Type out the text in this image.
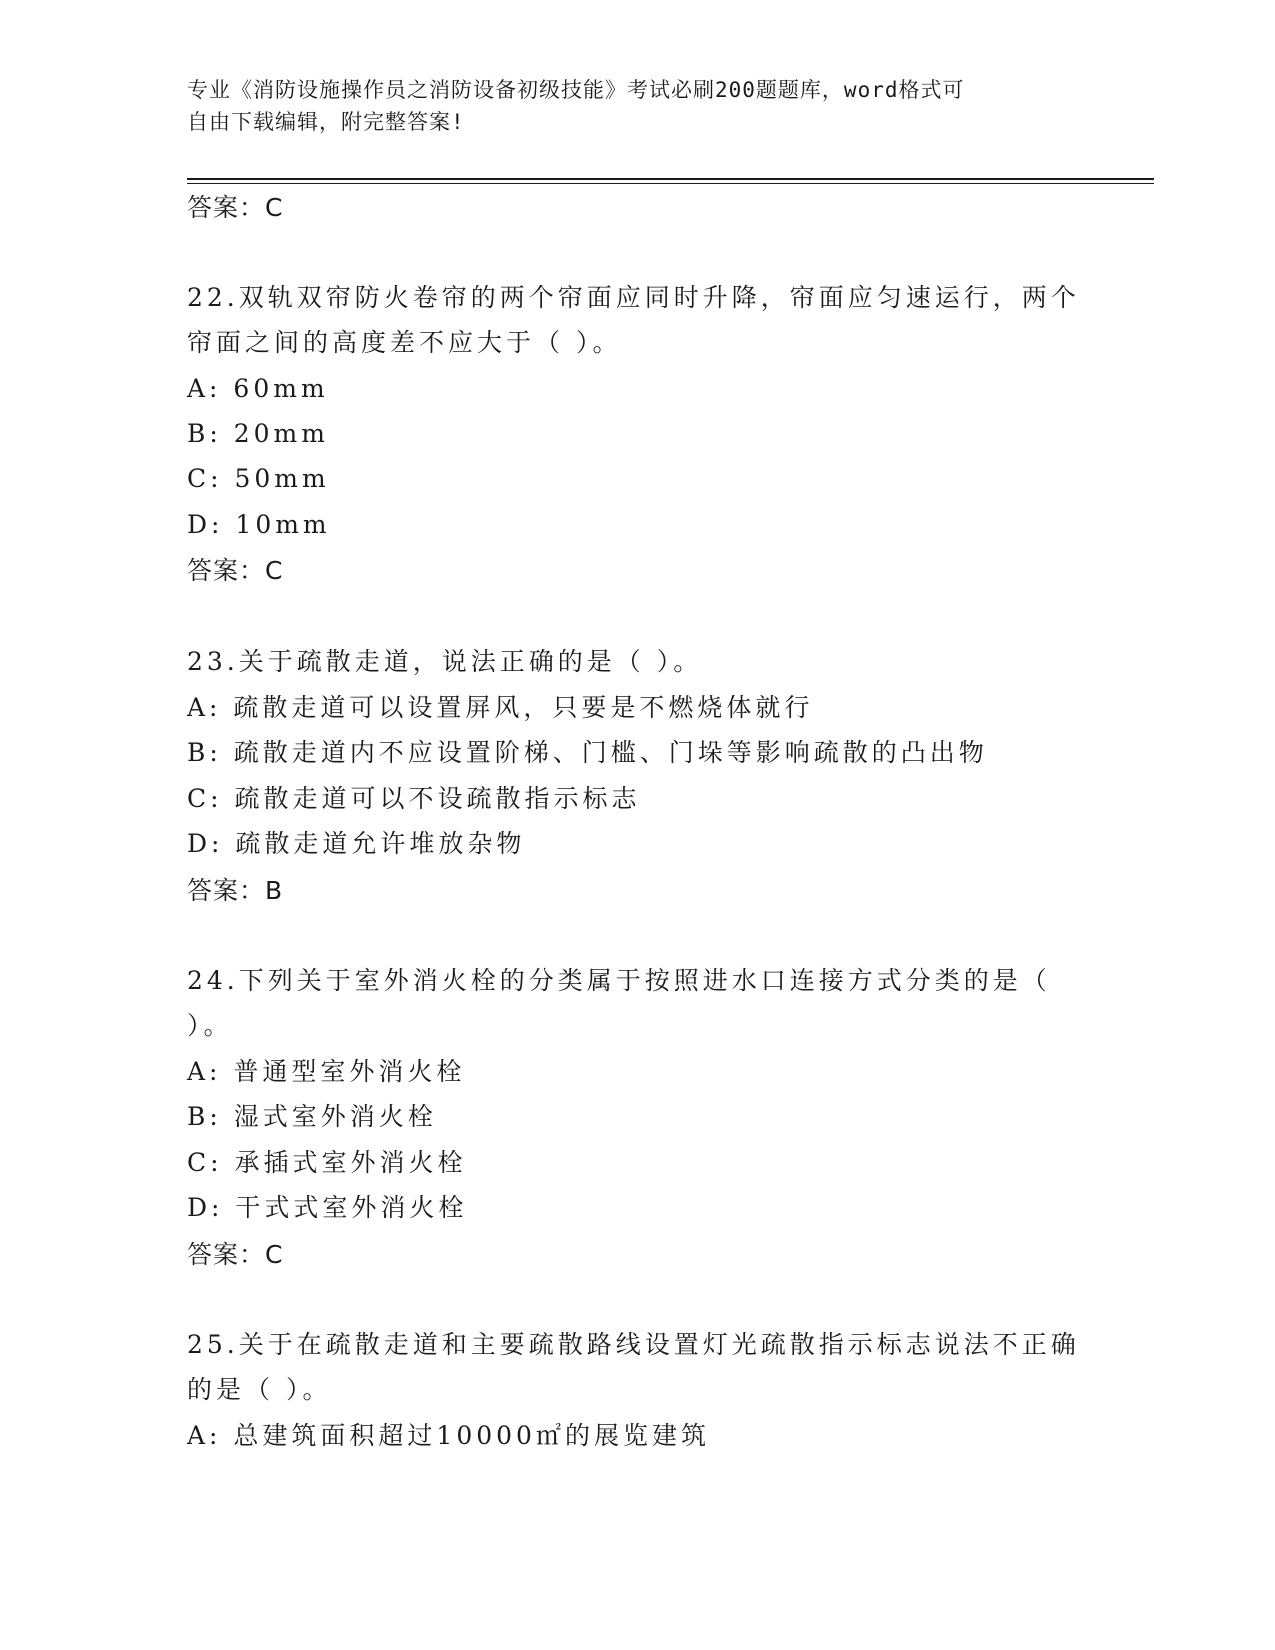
专业《消防设施操作员之消防设备初级技能》考试必刷200题题库，word格式可
自由下载编辑，附完整答案!
答案：C
22.双轨双帘防火卷帘的两个帘面应同时升降，帘面应匀速运行，两个
帘面之间的高度差不应大于（ ）。
A: 60mm
B: 20mm
C: 50mm
D: 10mm
答案：C
23.关于疏散走道，说法正确的是（ ）。
A: 疏散走道可以设置屏风，只要是不燃烧体就行
B: 疏散走道内不应设置阶梯、门槛、门垛等影响疏散的凸出物
C: 疏散走道可以不设疏散指示标志
D: 疏散走道允许堆放杂物
答案：B
24.下列关于室外消火栓的分类属于按照进水口连接方式分类的是（
）。
A: 普通型室外消火栓
B: 湿式室外消火栓
C: 承插式室外消火栓
D: 干式式室外消火栓
答案：C
25.关于在疏散走道和主要疏散路线设置灯光疏散指示标志说法不正确
的是（ ）。
A: 总建筑面积超过10000㎡的展览建筑
